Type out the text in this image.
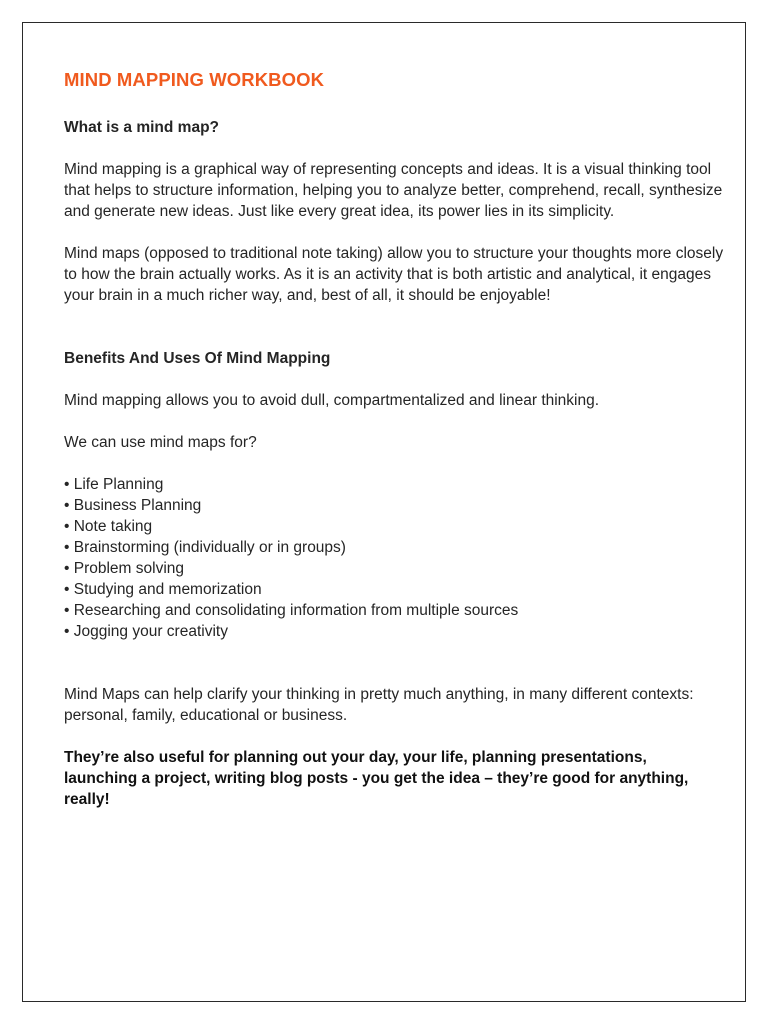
MIND MAPPING WORKBOOK
What is a mind map?

Mind mapping is a graphical way of representing concepts and ideas. It is a visual thinking tool that helps to structure information, helping you to analyze better, comprehend, recall, synthesize and generate new ideas. Just like every great idea, its power lies in its simplicity.

Mind maps (opposed to traditional note taking) allow you to structure your thoughts more closely to how the brain actually works. As it is an activity that is both artistic and analytical, it engages your brain in a much richer way, and, best of all, it should be enjoyable!

Benefits And Uses Of Mind Mapping

Mind mapping allows you to avoid dull, compartmentalized and linear thinking.

We can use mind maps for?

• Life Planning
• Business Planning
• Note taking
• Brainstorming (individually or in groups)
• Problem solving
• Studying and memorization
• Researching and consolidating information from multiple sources
• Jogging your creativity

Mind Maps can help clarify your thinking in pretty much anything, in many different contexts: personal, family, educational or business.

They’re also useful for planning out your day, your life, planning presentations, launching a project, writing blog posts - you get the idea – they’re good for anything, really!
